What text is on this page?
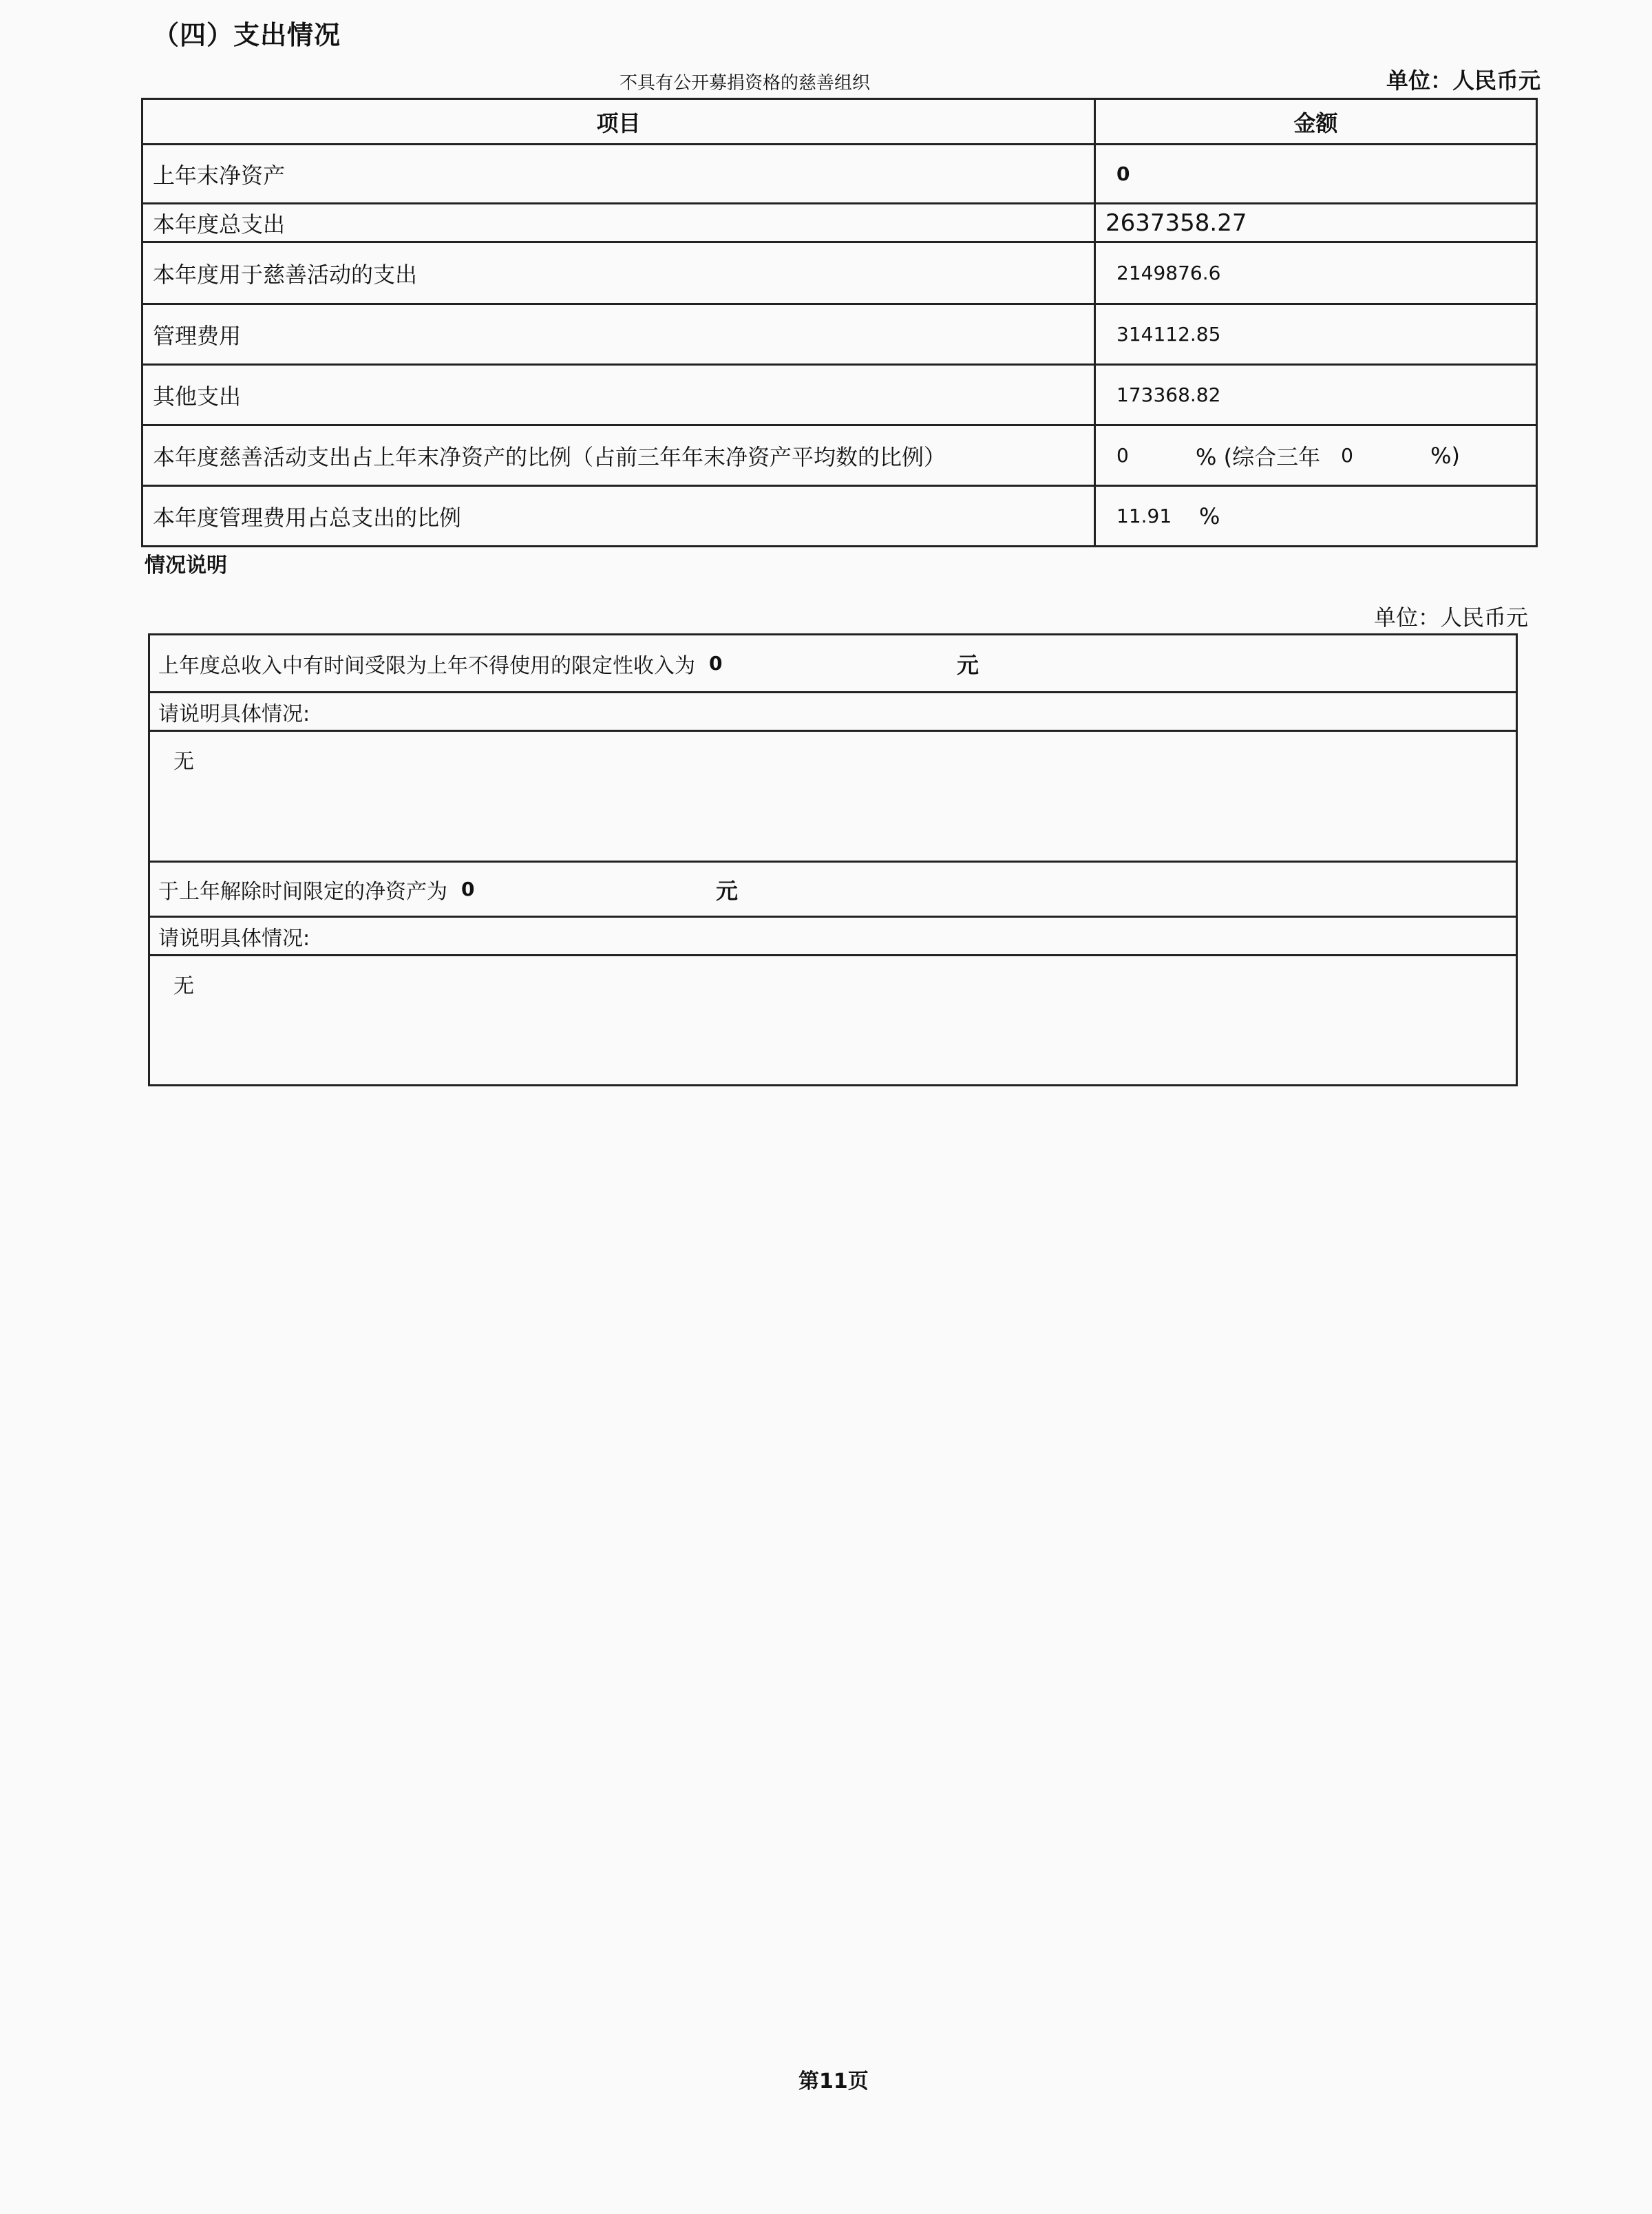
（四）支出情况
不具有公开募捐资格的慈善组织	单位：人民币元
项目	金额
上年末净资产	0
本年度总支出	2637358.27
本年度用于慈善活动的支出	2149876.6
管理费用	314112.85
其他支出	173368.82
本年度慈善活动支出占上年末净资产的比例（占前三年年末净资产平均数的比例）	0 % (综合三年 0 %)

本年度管理费用占总支出的比例	11.91 %
情况说明
单位：人民币元
上年度总收入中有时间受限为上年不得使用的限定性收入为 0	元
请说明具体情况:
无
于上年解除时间限定的净资产为 0	元
请说明具体情况:
无
第11页
